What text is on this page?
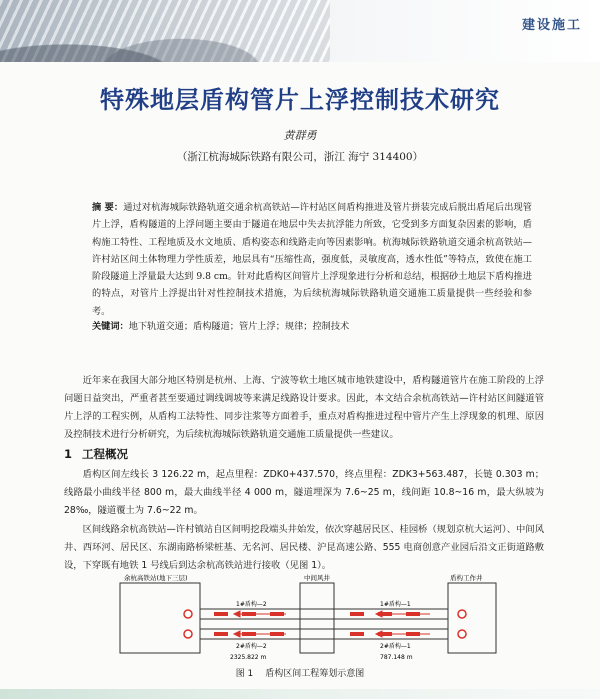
建设施工
特殊地层盾构管片上浮控制技术研究
黄群勇
（浙江杭海城际铁路有限公司，浙江 海宁 314400）
摘 要：通过对杭海城际铁路轨道交通余杭高铁站—许村站区间盾构推进及管片拼装完成后脱出盾尾后出现管片上浮，盾构隧道的上浮问题主要由于隧道在地层中失去抗浮能力所致，它受到多方面复杂因素的影响，盾构施工特性、工程地质及水文地质、盾构姿态和线路走向等因素影响。杭海城际铁路轨道交通余杭高铁站—许村站区间土体物理力学性质差，地层具有“压缩性高，强度低，灵敏度高，透水性低”等特点，致使在施工阶段隧道上浮量最大达到 9.8 cm。针对此盾构区间管片上浮现象进行分析和总结，根据砂土地层下盾构推进的特点，对管片上浮提出针对性控制技术措施，为后续杭海城际铁路轨道交通施工质量提供一些经验和参考。
关键词：地下轨道交通；盾构隧道；管片上浮；规律；控制技术
近年来在我国大部分地区特别是杭州、上海、宁波等软土地区城市地铁建设中，盾构隧道管片在施工阶段的上浮问题日益突出，严重者甚至要通过调线调坡等来满足线路设计要求。因此，本文结合余杭高铁站—许村站区间隧道管片上浮的工程实例，从盾构工法特性、同步注浆等方面着手，重点对盾构推进过程中管片产生上浮现象的机理、原因及控制技术进行分析研究，为后续杭海城际铁路轨道交通施工质量提供一些建议。
1 工程概况
盾构区间左线长 3 126.22 m，起点里程：ZDK0+437.570，终点里程：ZDK3+563.487，长链 0.303 m；线路最小曲线半径 800 m，最大曲线半径 4 000 m，隧道埋深为 7.6~25 m，线间距 10.8~16 m，最大纵坡为 28‰，隧道覆土为 7.6~22 m。
区间线路余杭高铁站—许村镇站自区间明挖段端头井始发，依次穿越居民区、桂园桥（规划京杭大运河）、中间风井、西环河、居民区、东湖南路桥梁桩基、无名河、居民楼、沪昆高速公路、555 电商创意产业园后沿文正街道路敷设，下穿既有地铁 1 号线后到达余杭高铁站进行接收（见图 1）。
余杭高铁站(地下三层)	中间风井	盾构工作井
1#盾构—2	1#盾构—1
2#盾构—2	2#盾构—1
2325.822 m	787.148 m
图 1 盾构区间工程筹划示意图
